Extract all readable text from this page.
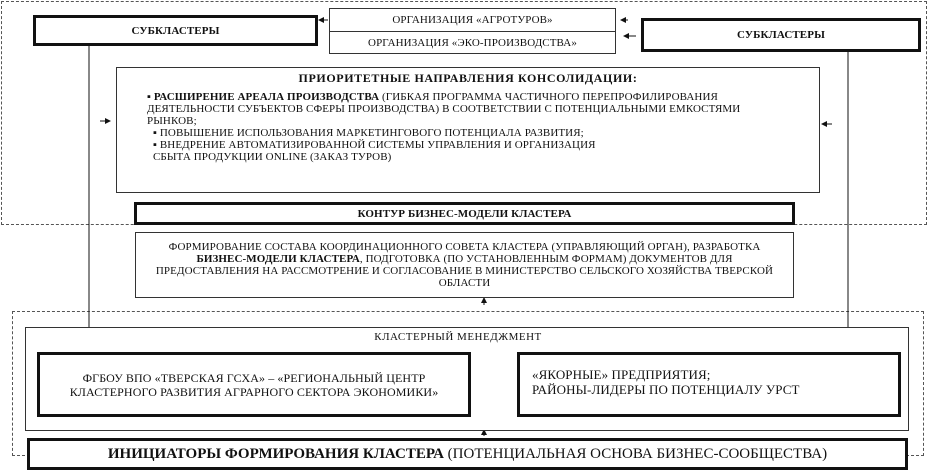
СУБКЛАСТЕРЫ	СУБКЛАСТЕРЫ
ОРГАНИЗАЦИЯ «АГРОТУРОВ»
ОРГАНИЗАЦИЯ «ЭКО-ПРОИЗВОДСТВА»
ПРИОРИТЕТНЫЕ НАПРАВЛЕНИЯ КОНСОЛИДАЦИИ:
▪ РАСШИРЕНИЕ АРЕАЛА ПРОИЗВОДСТВА (ГИБКАЯ ПРОГРАММА ЧАСТИЧНОГО ПЕРЕПРОФИЛИРОВАНИЯ ДЕЯТЕЛЬНОСТИ СУБЪЕКТОВ СФЕРЫ ПРОИЗВОДСТВА) В СООТВЕТСТВИИ С ПОТЕНЦИАЛЬНЫМИ ЕМКОСТЯМИ РЫНКОВ;
▪ ПОВЫШЕНИЕ ИСПОЛЬЗОВАНИЯ МАРКЕТИНГОВОГО ПОТЕНЦИАЛА РАЗВИТИЯ;
▪ ВНЕДРЕНИЕ АВТОМАТИЗИРОВАННОЙ СИСТЕМЫ УПРАВЛЕНИЯ И ОРГАНИЗАЦИЯ СБЫТА ПРОДУКЦИИ ONLINE (ЗАКАЗ ТУРОВ)
КОНТУР БИЗНЕС-МОДЕЛИ КЛАСТЕРА
ФОРМИРОВАНИЕ СОСТАВА КООРДИНАЦИОННОГО СОВЕТА КЛАСТЕРА (УПРАВЛЯЮЩИЙ ОРГАН), РАЗРАБОТКА БИЗНЕС-МОДЕЛИ КЛАСТЕРА, ПОДГОТОВКА (ПО УСТАНОВЛЕННЫМ ФОРМАМ) ДОКУМЕНТОВ ДЛЯ ПРЕДОСТАВЛЕНИЯ НА РАССМОТРЕНИЕ И СОГЛАСОВАНИЕ В МИНИСТЕРСТВО СЕЛЬСКОГО ХОЗЯЙСТВА ТВЕРСКОЙ ОБЛАСТИ
КЛАСТЕРНЫЙ МЕНЕДЖМЕНТ
ФГБОУ ВПО «ТВЕРСКАЯ ГСХА» – «РЕГИОНАЛЬНЫЙ ЦЕНТР КЛАСТЕРНОГО РАЗВИТИЯ АГРАРНОГО СЕКТОРА ЭКОНОМИКИ»
«ЯКОРНЫЕ» ПРЕДПРИЯТИЯ;
РАЙОНЫ-ЛИДЕРЫ ПО ПОТЕНЦИАЛУ УРСТ
ИНИЦИАТОРЫ ФОРМИРОВАНИЯ КЛАСТЕРА (ПОТЕНЦИАЛЬНАЯ ОСНОВА БИЗНЕС-СООБЩЕСТВА)
